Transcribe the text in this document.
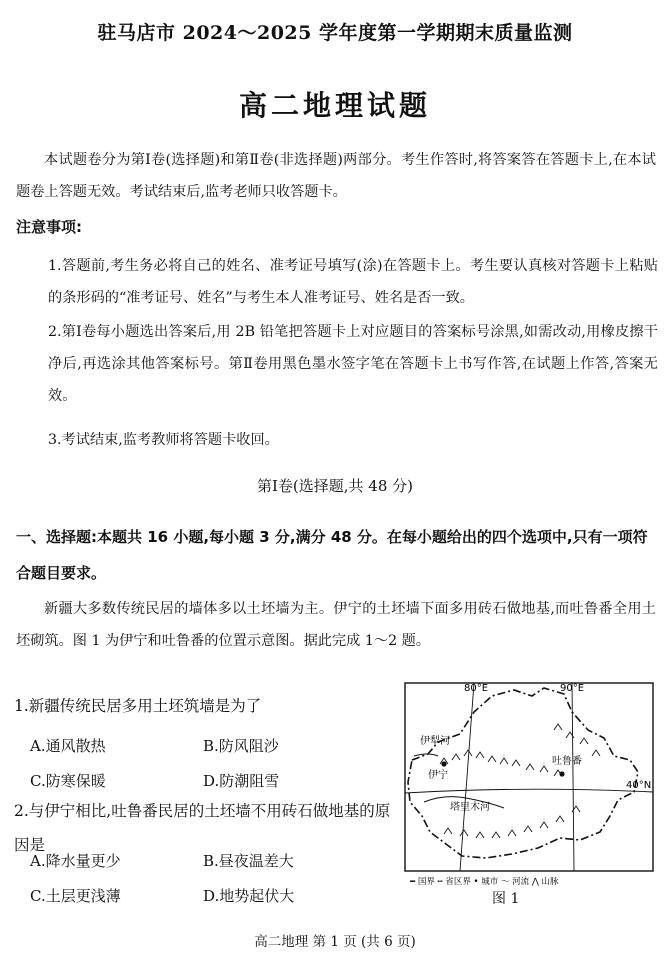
驻马店市 2024～2025 学年度第一学期期末质量监测
高二地理试题
本试题卷分为第Ⅰ卷(选择题)和第Ⅱ卷(非选择题)两部分。考生作答时,将答案答在答题卡上,在本试题卷上答题无效。考试结束后,监考老师只收答题卡。
注意事项:
1.答题前,考生务必将自己的姓名、准考证号填写(涂)在答题卡上。考生要认真核对答题卡上粘贴的条形码的“准考证号、姓名”与考生本人准考证号、姓名是否一致。
2.第Ⅰ卷每小题选出答案后,用 2B 铅笔把答题卡上对应题目的答案标号涂黑,如需改动,用橡皮擦干净后,再选涂其他答案标号。第Ⅱ卷用黑色墨水签字笔在答题卡上书写作答,在试题上作答,答案无效。
3.考试结束,监考教师将答题卡收回。
第Ⅰ卷(选择题,共 48 分)
一、选择题:本题共 16 小题,每小题 3 分,满分 48 分。在每小题给出的四个选项中,只有一项符合题目要求。
新疆大多数传统民居的墙体多以土坯墙为主。伊宁的土坯墙下面多用砖石做地基,而吐鲁番全用土坯砌筑。图 1 为伊宁和吐鲁番的位置示意图。据此完成 1～2 题。
1.新疆传统民居多用土坯筑墙是为了
A.通风散热	B.防风阻沙
C.防寒保暖	D.防潮阻雪
2.与伊宁相比,吐鲁番民居的土坯墙不用砖石做地基的原因是
A.降水量更少	B.昼夜温差大
C.土层更浅薄	D.地势起伏大
80°E	90°E
40°N
伊犁河
伊宁
吐鲁番
塔里木河
━ 国界 ┅ 省区界 • 城市 ～ 河流 ⋀ 山脉
图 1
高二地理 第 1 页 (共 6 页)
